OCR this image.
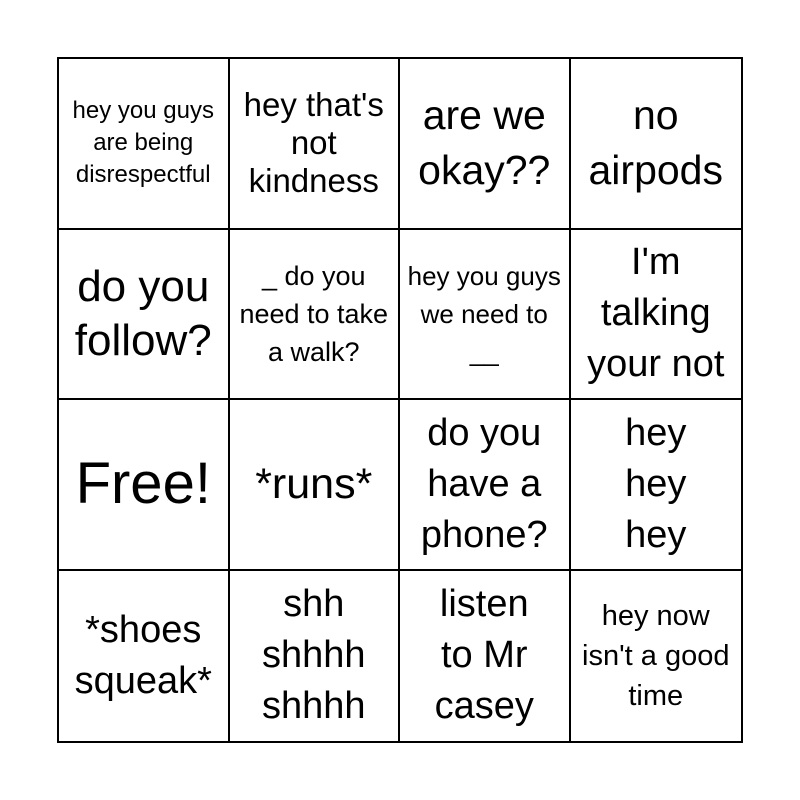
hey you guys are being disrespectful
hey that's not kindness
are we okay??
no airpods
do you follow?
_ do you need to take a walk?
hey you guys we need to __
I'm talking your not
Free!	*runs*
do you have a phone?
hey hey hey
*shoes squeak*
shh shhhh shhhh
listen to Mr casey
hey now isn't a good time
